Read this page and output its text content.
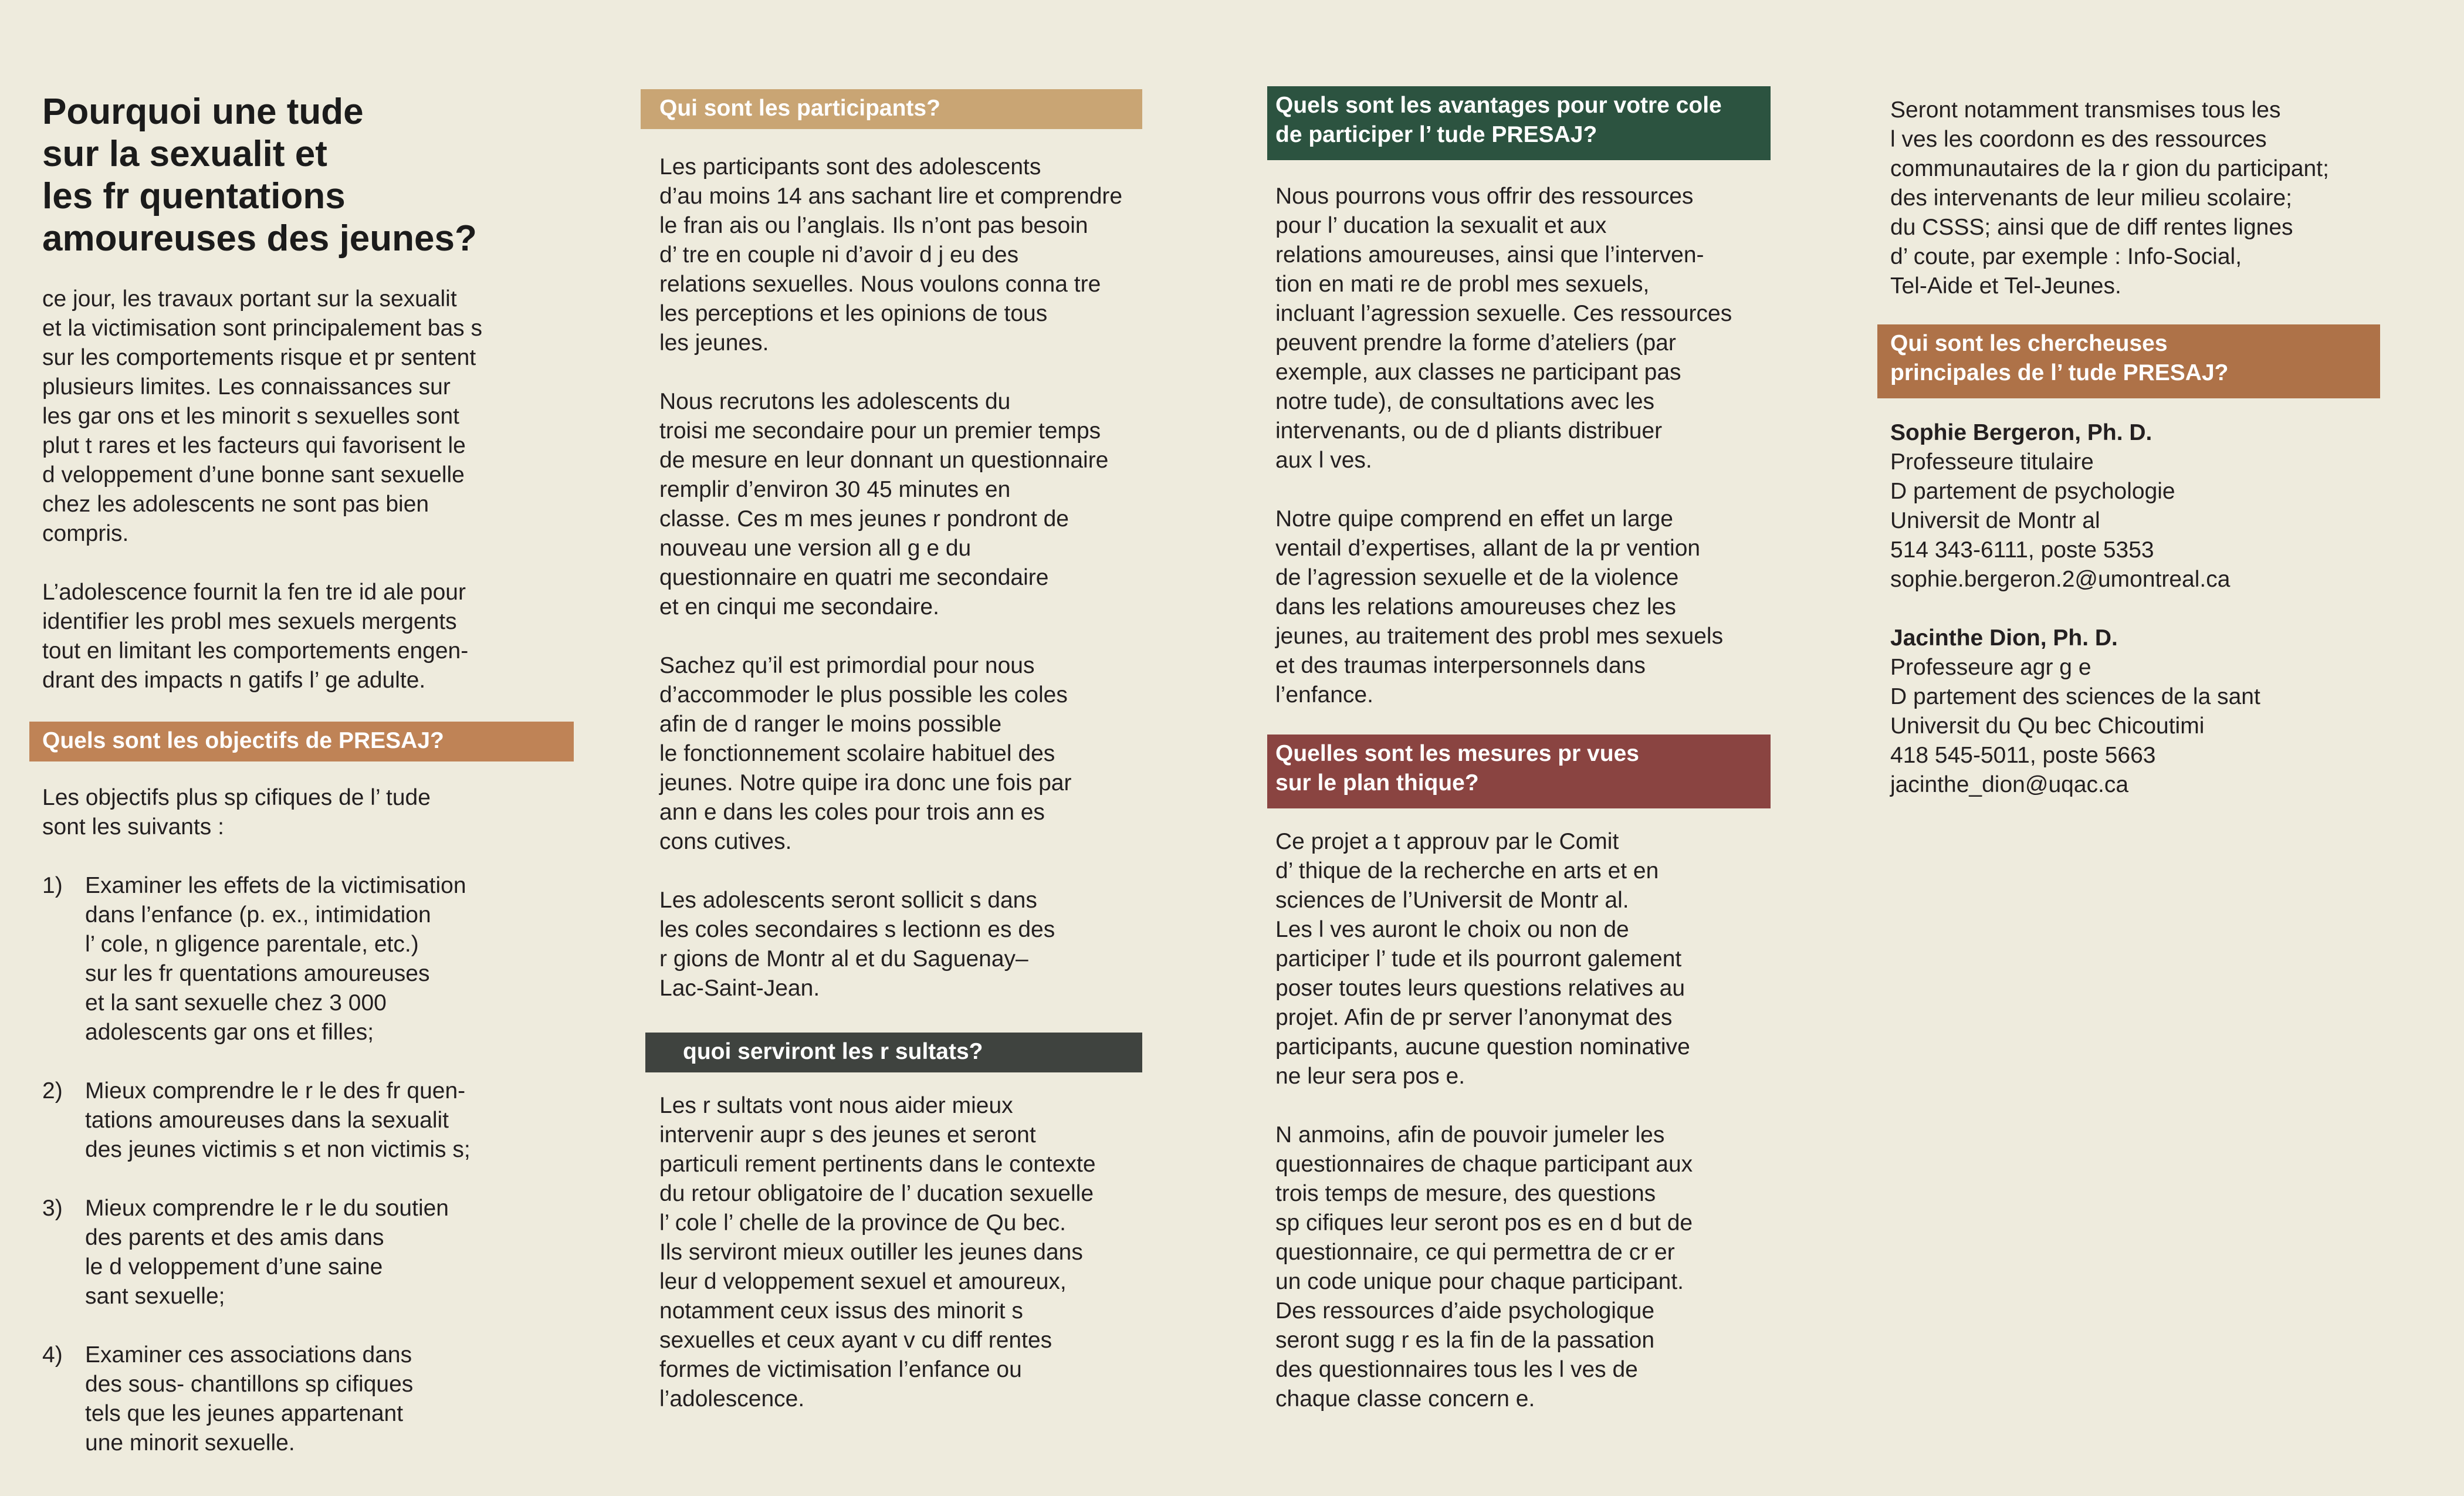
Pourquoi une tude
sur la sexualit et
les fr quentations
amoureuses des jeunes?

ce jour, les travaux portant sur la sexualit
et la victimisation sont principalement bas s
sur les comportements risque et pr sentent
plusieurs limites. Les connaissances sur
les gar ons et les minorit s sexuelles sont
plut t rares et les facteurs qui favorisent le
d veloppement d’une bonne sant sexuelle
chez les adolescents ne sont pas bien
compris.

L’adolescence fournit la fen tre id ale pour
identifier les probl mes sexuels mergents
tout en limitant les comportements engen-
drant des impacts n gatifs l’ ge adulte.

Quels sont les objectifs de PRESAJ?

Les objectifs plus sp cifiques de l’ tude
sont les suivants :

1) Examiner les effets de la victimisation
dans l’enfance (p. ex., intimidation
l’ cole, n gligence parentale, etc.)
sur les fr quentations amoureuses
et la sant sexuelle chez 3 000
adolescents gar ons et filles;
2) Mieux comprendre le r le des fr quen-
tations amoureuses dans la sexualit
des jeunes victimis s et non victimis s;
3) Mieux comprendre le r le du soutien
des parents et des amis dans
le d veloppement d’une saine
sant sexuelle;
4) Examiner ces associations dans
des sous- chantillons sp cifiques
tels que les jeunes appartenant
une minorit sexuelle.
Qui sont les participants?

Les participants sont des adolescents
d’au moins 14 ans sachant lire et comprendre
le fran ais ou l’anglais. Ils n’ont pas besoin
d’ tre en couple ni d’avoir d j eu des
relations sexuelles. Nous voulons conna tre
les perceptions et les opinions de tous
les jeunes.

Nous recrutons les adolescents du
troisi me secondaire pour un premier temps
de mesure en leur donnant un questionnaire
remplir d’environ 30 45 minutes en
classe. Ces m mes jeunes r pondront de
nouveau une version all g e du
questionnaire en quatri me secondaire
et en cinqui me secondaire.

Sachez qu’il est primordial pour nous
d’accommoder le plus possible les coles
afin de d ranger le moins possible
le fonctionnement scolaire habituel des
jeunes. Notre quipe ira donc une fois par
ann e dans les coles pour trois ann es
cons cutives.

Les adolescents seront sollicit s dans
les coles secondaires s lectionn es des
r gions de Montr al et du Saguenay–
Lac-Saint-Jean.

quoi serviront les r sultats?

Les r sultats vont nous aider mieux
intervenir aupr s des jeunes et seront
particuli rement pertinents dans le contexte
du retour obligatoire de l’ ducation sexuelle
l’ cole l’ chelle de la province de Qu bec.
Ils serviront mieux outiller les jeunes dans
leur d veloppement sexuel et amoureux,
notamment ceux issus des minorit s
sexuelles et ceux ayant v cu diff rentes
formes de victimisation l’enfance ou
l’adolescence.

Quels sont les avantages pour votre cole
de participer l’ tude PRESAJ?

Nous pourrons vous offrir des ressources
pour l’ ducation la sexualit et aux
relations amoureuses, ainsi que l’interven-
tion en mati re de probl mes sexuels,
incluant l’agression sexuelle. Ces ressources
peuvent prendre la forme d’ateliers (par
exemple, aux classes ne participant pas
notre tude), de consultations avec les
intervenants, ou de d pliants distribuer
aux l ves.

Notre quipe comprend en effet un large
ventail d’expertises, allant de la pr vention
de l’agression sexuelle et de la violence
dans les relations amoureuses chez les
jeunes, au traitement des probl mes sexuels
et des traumas interpersonnels dans
l’enfance.

Quelles sont les mesures pr vues
sur le plan thique?

Ce projet a t approuv par le Comit
d’ thique de la recherche en arts et en
sciences de l’Universit de Montr al.
Les l ves auront le choix ou non de
participer l’ tude et ils pourront galement
poser toutes leurs questions relatives au
projet. Afin de pr server l’anonymat des
participants, aucune question nominative
ne leur sera pos e.

N anmoins, afin de pouvoir jumeler les
questionnaires de chaque participant aux
trois temps de mesure, des questions
sp cifiques leur seront pos es en d but de
questionnaire, ce qui permettra de cr er
un code unique pour chaque participant.
Des ressources d’aide psychologique
seront sugg r es la fin de la passation
des questionnaires tous les l ves de
chaque classe concern e.

Seront notamment transmises tous les
l ves les coordonn es des ressources
communautaires de la r gion du participant;
des intervenants de leur milieu scolaire;
du CSSS; ainsi que de diff rentes lignes
d’ coute, par exemple : Info-Social,
Tel-Aide et Tel-Jeunes.

Qui sont les chercheuses
principales de l’ tude PRESAJ?
Sophie Bergeron, Ph. D.
Professeure titulaire
D partement de psychologie
Universit de Montr al
514 343-6111, poste 5353
sophie.bergeron.2@umontreal.ca
Jacinthe Dion, Ph. D.
Professeure agr g e
D partement des sciences de la sant
Universit du Qu bec Chicoutimi
418 545-5011, poste 5663
jacinthe_dion@uqac.ca
